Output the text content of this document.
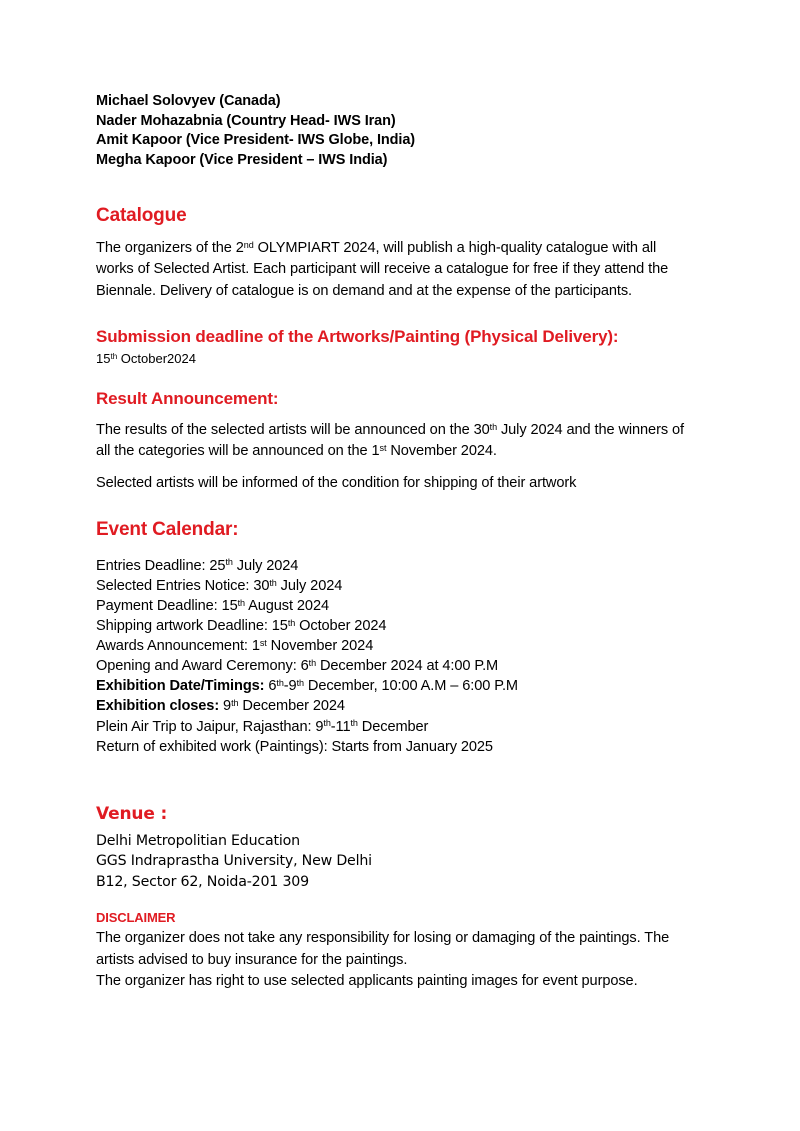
Michael Solovyev (Canada)
Nader Mohazabnia (Country Head- IWS Iran)
Amit Kapoor (Vice President- IWS Globe, India)
Megha Kapoor (Vice President – IWS India)
Catalogue
The organizers of the 2nd OLYMPIART 2024, will publish a high-quality catalogue with all works of Selected Artist. Each participant will receive a catalogue for free if they attend the Biennale. Delivery of catalogue is on demand and at the expense of the participants.
Submission deadline of the Artworks/Painting (Physical Delivery):
15th October2024
Result Announcement:
The results of the selected artists will be announced on the 30th July 2024 and the winners of all the categories will be announced on the 1st November 2024.
Selected artists will be informed of the condition for shipping of their artwork
Event Calendar:
Entries Deadline: 25th July 2024
Selected Entries Notice: 30th July 2024
Payment Deadline: 15th August 2024
Shipping artwork Deadline: 15th October 2024
Awards Announcement: 1st November 2024
Opening and Award Ceremony: 6th December 2024 at 4:00 P.M
Exhibition Date/Timings: 6th-9th December, 10:00 A.M – 6:00 P.M
Exhibition closes: 9th December 2024
Plein Air Trip to Jaipur, Rajasthan: 9th-11th December
Return of exhibited work (Paintings): Starts from January 2025
Venue :
Delhi Metropolitian Education
GGS Indraprastha University, New Delhi
B12, Sector 62, Noida-201 309
DISCLAIMER
The organizer does not take any responsibility for losing or damaging of the paintings. The artists advised to buy insurance for the paintings.
The organizer has right to use selected applicants painting images for event purpose.
